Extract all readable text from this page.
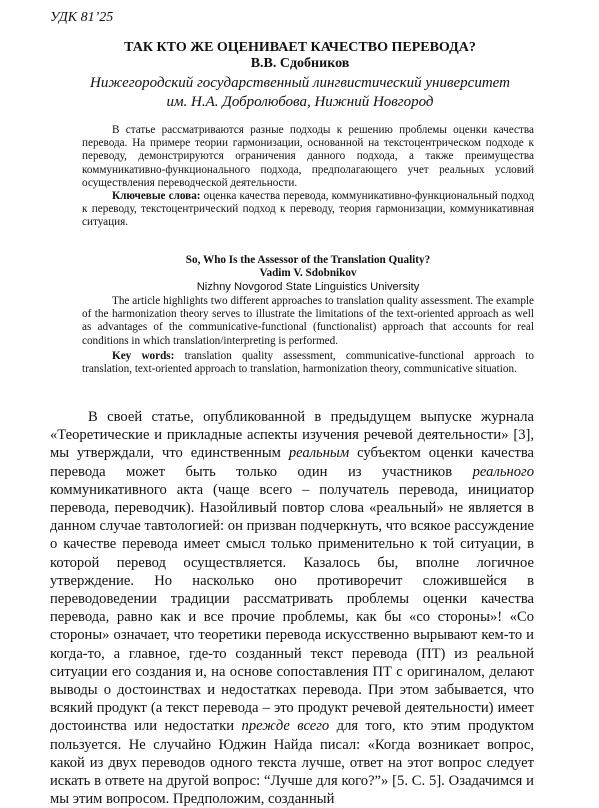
УДК 81’25
ТАК КТО ЖЕ ОЦЕНИВАЕТ КАЧЕСТВО ПЕРЕВОДА?
В.В. Сдобников
Нижегородский государственный лингвистический университет
им. Н.А. Добролюбова, Нижний Новгород
В статье рассматриваются разные подходы к решению проблемы оценки качества перевода. На примере теории гармонизации, основанной на текстоцентрическом подходе к переводу, демонстрируются ограничения данного подхода, а также преимущества коммуникативно-функционального подхода, предполагающего учет реальных условий осуществления переводческой деятельности.
Ключевые слова: оценка качества перевода, коммуникативно-функциональный подход к переводу, текстоцентрический подход к переводу, теория гармонизации, коммуникативная ситуация.
So, Who Is the Assessor of the Translation Quality?
Vadim V. Sdobnikov
Nizhny Novgorod State Linguistics University
The article highlights two different approaches to translation quality assessment. The example of the harmonization theory serves to illustrate the limitations of the text-oriented approach as well as advantages of the communicative-functional (functionalist) approach that accounts for real conditions in which translation/interpreting is performed.
Key words: translation quality assessment, communicative-functional approach to translation, text-oriented approach to translation, harmonization theory, communicative situation.
В своей статье, опубликованной в предыдущем выпуске журнала «Теоретические и прикладные аспекты изучения речевой деятельности» [3], мы утверждали, что единственным реальным субъектом оценки качества перевода может быть только один из участников реального коммуникативного акта (чаще всего – получатель перевода, инициатор перевода, переводчик). Назойливый повтор слова «реальный» не является в данном случае тавтологией: он призван подчеркнуть, что всякое рассуждение о качестве перевода имеет смысл только применительно к той ситуации, в которой перевод осуществляется. Казалось бы, вполне логичное утверждение. Но насколько оно противоречит сложившейся в переводоведении традиции рассматривать проблемы оценки качества перевода, равно как и все прочие проблемы, как бы «со стороны»! «Со стороны» означает, что теоретики перевода искусственно вырывают кем-то и когда-то, а главное, где-то созданный текст перевода (ПТ) из реальной ситуации его создания и, на основе сопоставления ПТ с оригиналом, делают выводы о достоинствах и недостатках перевода. При этом забывается, что всякий продукт (а текст перевода – это продукт речевой деятельности) имеет достоинства или недостатки прежде всего для того, кто этим продуктом пользуется. Не случайно Юджин Найда писал: «Когда возникает вопрос, какой из двух переводов одного текста лучше, ответ на этот вопрос следует искать в ответе на другой вопрос: “Лучше для кого?”» [5. С. 5]. Озадачимся и мы этим вопросом. Предположим, созданный
